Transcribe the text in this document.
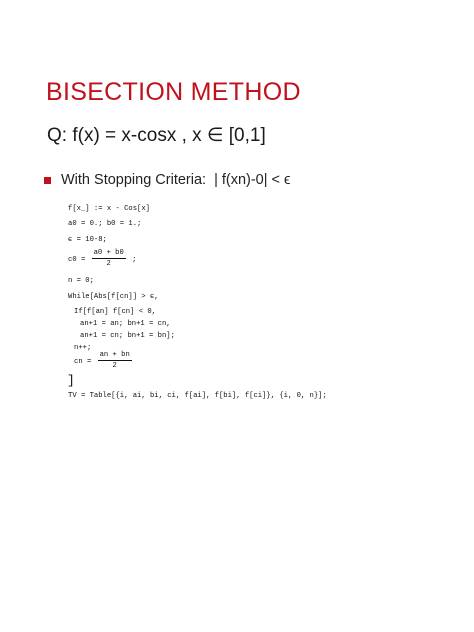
BISECTION METHOD
Q: f(x) = x-cosx , x ∈ [0,1]
With Stopping Criteria: | f(xn)-0| < ϵ
f[x_] := x - Cos[x]
a0 = 0.; b0 = 1.;
ϵ = 10-8;
$c0 = \frac{a0 + b0}{2}$ ;
n = 0;
While[Abs[f[cn]] > ϵ,
If[f[an] f[cn] < 0,
an+1 = an; bn+1 = cn,
an+1 = cn; bn+1 = bn];
n++;
cn = $\frac{an + bn}{2}$
]
TV = Table[{i, ai, bi, ci, f[ai], f[bi], f[ci]}, {i, 0, n}];
